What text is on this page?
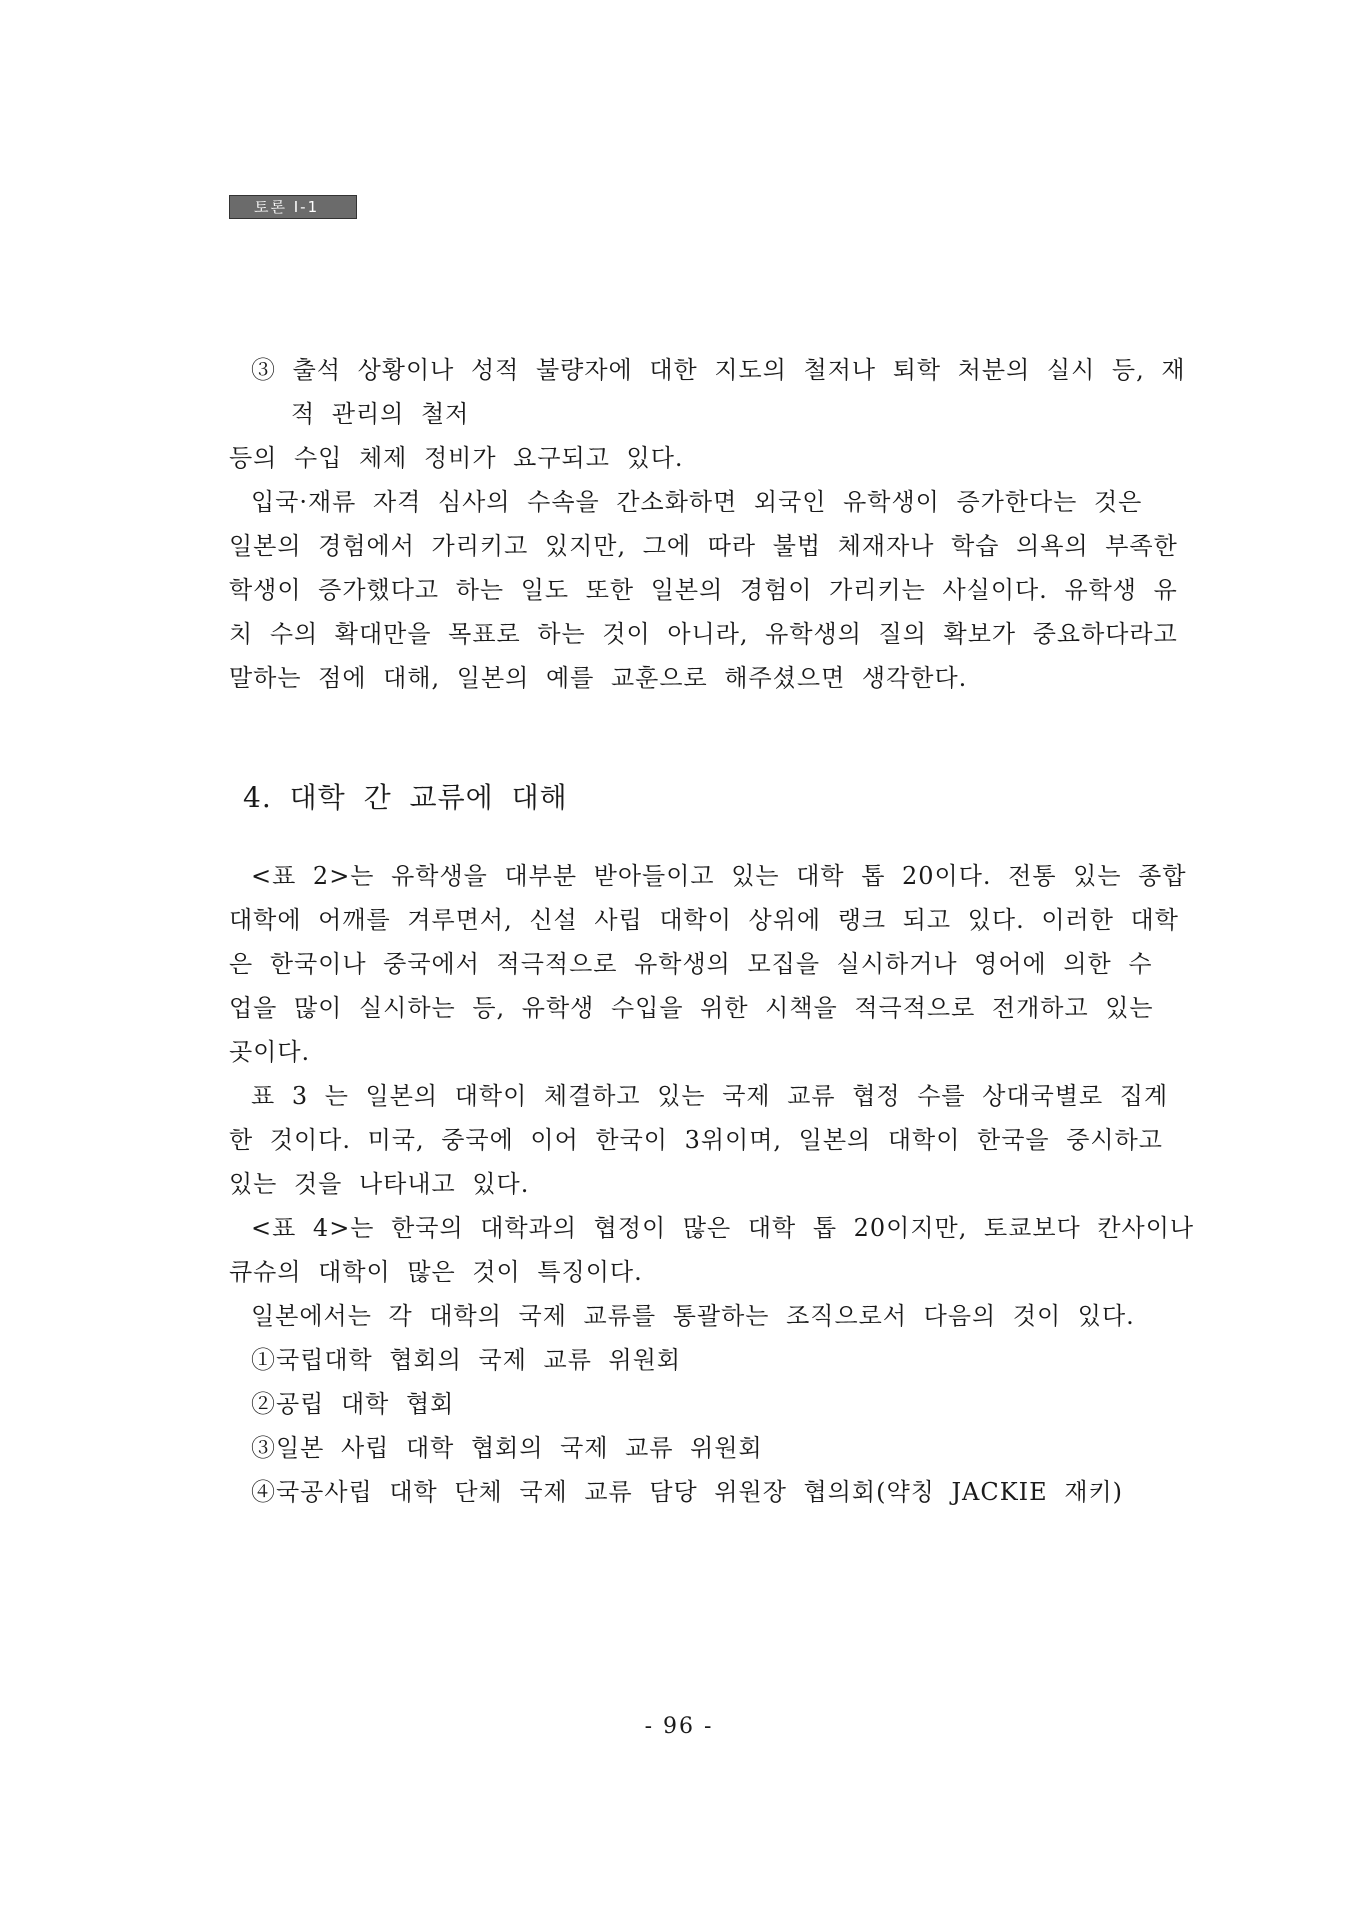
토론 Ⅰ-1
③ 출석 상황이나 성적 불량자에 대한 지도의 철저나 퇴학 처분의 실시 등, 재
적 관리의 철저
등의 수입 체제 정비가 요구되고 있다.
입국·재류 자격 심사의 수속을 간소화하면 외국인 유학생이 증가한다는 것은
일본의 경험에서 가리키고 있지만, 그에 따라 불법 체재자나 학습 의욕의 부족한
학생이 증가했다고 하는 일도 또한 일본의 경험이 가리키는 사실이다. 유학생 유
치 수의 확대만을 목표로 하는 것이 아니라, 유학생의 질의 확보가 중요하다라고
말하는 점에 대해, 일본의 예를 교훈으로 해주셨으면 생각한다.
4. 대학 간 교류에 대해
<표 2>는 유학생을 대부분 받아들이고 있는 대학 톱 20이다. 전통 있는 종합
대학에 어깨를 겨루면서, 신설 사립 대학이 상위에 랭크 되고 있다. 이러한 대학
은 한국이나 중국에서 적극적으로 유학생의 모집을 실시하거나 영어에 의한 수
업을 많이 실시하는 등, 유학생 수입을 위한 시책을 적극적으로 전개하고 있는
곳이다.
표 3 는 일본의 대학이 체결하고 있는 국제 교류 협정 수를 상대국별로 집계
한 것이다. 미국, 중국에 이어 한국이 3위이며, 일본의 대학이 한국을 중시하고
있는 것을 나타내고 있다.
<표 4>는 한국의 대학과의 협정이 많은 대학 톱 20이지만, 토쿄보다 칸사이나
큐슈의 대학이 많은 것이 특징이다.
일본에서는 각 대학의 국제 교류를 통괄하는 조직으로서 다음의 것이 있다.
①국립대학 협회의 국제 교류 위원회
②공립 대학 협회
③일본 사립 대학 협회의 국제 교류 위원회
④국공사립 대학 단체 국제 교류 담당 위원장 협의회(약칭 JACKIE 재키)
- 96 -
